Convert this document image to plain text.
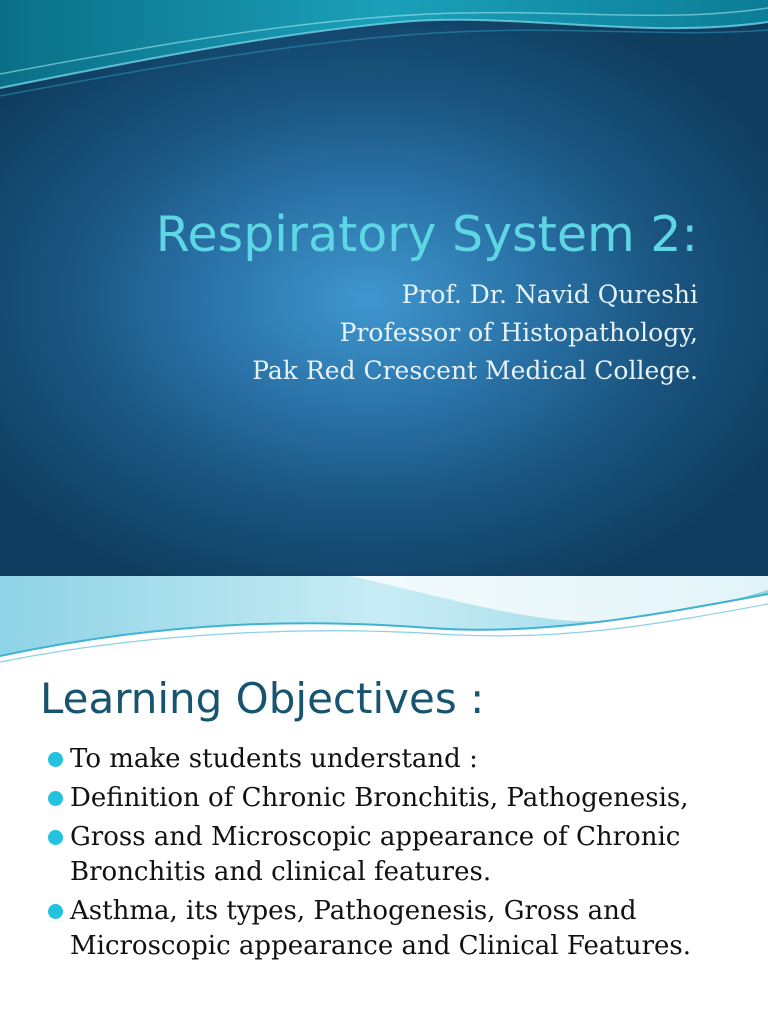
Respiratory System 2:
Prof. Dr. Navid Qureshi
Professor of Histopathology,
Pak Red Crescent Medical College.
Learning Objectives :
To make students understand :
Definition of Chronic Bronchitis, Pathogenesis,
Gross and Microscopic appearance of Chronic Bronchitis and clinical features.
Asthma, its types, Pathogenesis, Gross and Microscopic appearance and Clinical Features.
